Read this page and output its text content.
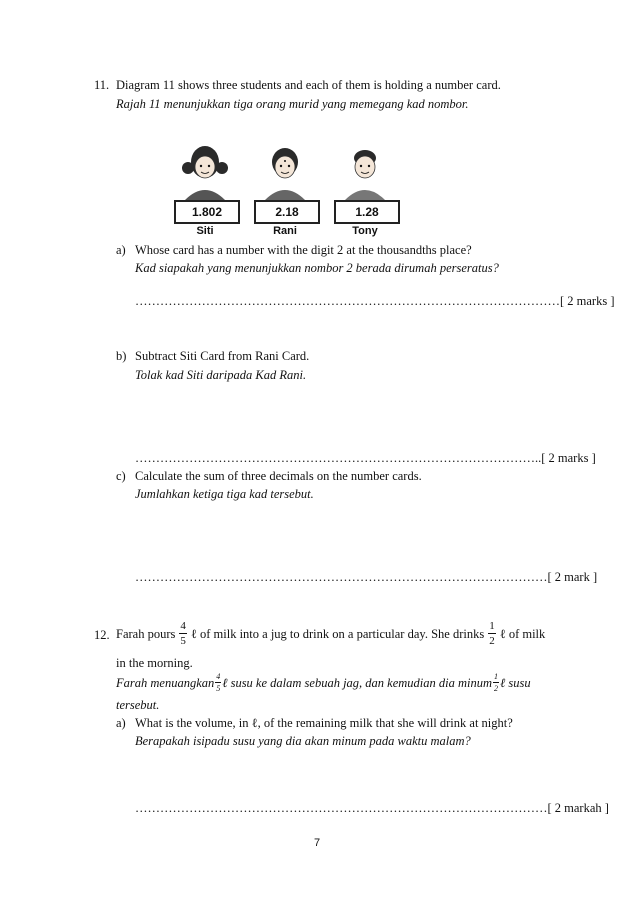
11. Diagram 11 shows three students and each of them is holding a number card.
Rajah 11 menunjukkan tiga orang murid yang memegang kad nombor.
1.802	2.18	1.28
Siti	Rani	Tony
a) Whose card has a number with the digit 2 at the thousandths place?
Kad siapakah yang menunjukkan nombor 2 berada dirumah perseratus?
…………………………………………………………………………………………[ 2 marks ]
b) Subtract Siti Card from Rani Card.
Tolak kad Siti daripada Kad Rani.
……………………………………………………………………………………..[ 2 marks ]
c) Calculate the sum of three decimals on the number cards.
Jumlahkan ketiga tiga kad tersebut.
………………………………………………………………………………………[ 2 mark ]
12. Farah pours $\frac{4}{5}$ ℓ of milk into a jug to drink on a particular day. She drinks $\frac{1}{2}$ ℓ of milk
in the morning.
Farah menuangkan $\frac{4}{5}$ ℓ susu ke dalam sebuah jag, dan kemudian dia minum $\frac{1}{2}$ ℓ susu
tersebut.
a) What is the volume, in ℓ, of the remaining milk that she will drink at night?
Berapakah isipadu susu yang dia akan minum pada waktu malam?
………………………………………………………………………………………[ 2 markah ]
7
